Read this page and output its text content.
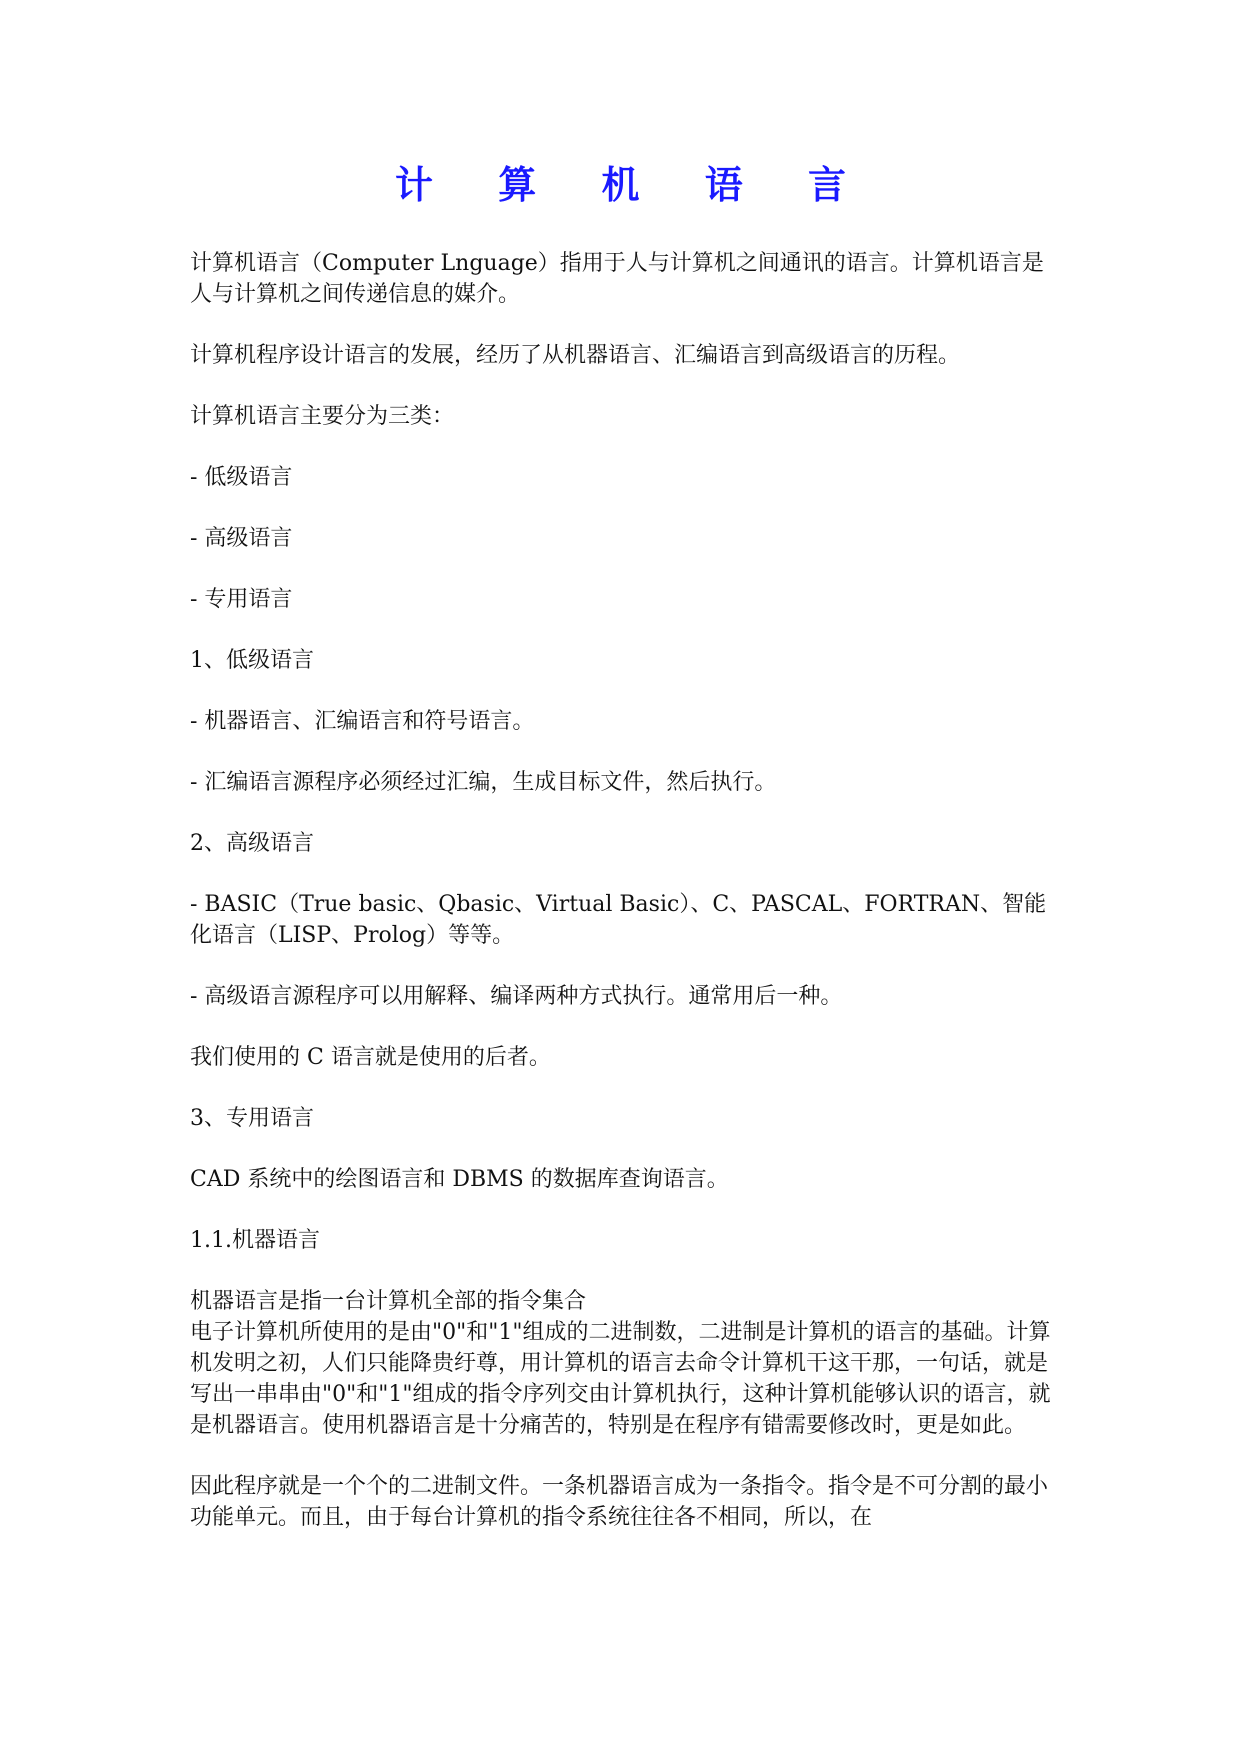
计 算 机 语 言

计算机语言（Computer Lnguage）指用于人与计算机之间通讯的语言。计算机语言是人与计算机之间传递信息的媒介。

计算机程序设计语言的发展，经历了从机器语言、汇编语言到高级语言的历程。

计算机语言主要分为三类：

- 低级语言

- 高级语言

- 专用语言

1、低级语言

- 机器语言、汇编语言和符号语言。

- 汇编语言源程序必须经过汇编，生成目标文件，然后执行。

2、高级语言

- BASIC（True basic、Qbasic、Virtual Basic）、C、PASCAL、FORTRAN、智能化语言（LISP、Prolog）等等。

- 高级语言源程序可以用解释、编译两种方式执行。通常用后一种。

我们使用的 C 语言就是使用的后者。

3、专用语言

CAD 系统中的绘图语言和 DBMS 的数据库查询语言。

1.1.机器语言

机器语言是指一台计算机全部的指令集合

电子计算机所使用的是由"0"和"1"组成的二进制数，二进制是计算机的语言的基础。计算机发明之初，人们只能降贵纡尊，用计算机的语言去命令计算机干这干那，一句话，就是写出一串串由"0"和"1"组成的指令序列交由计算机执行，这种计算机能够认识的语言，就是机器语言。使用机器语言是十分痛苦的，特别是在程序有错需要修改时，更是如此。

因此程序就是一个个的二进制文件。一条机器语言成为一条指令。指令是不可分割的最小功能单元。而且，由于每台计算机的指令系统往往各不相同，所以，在
